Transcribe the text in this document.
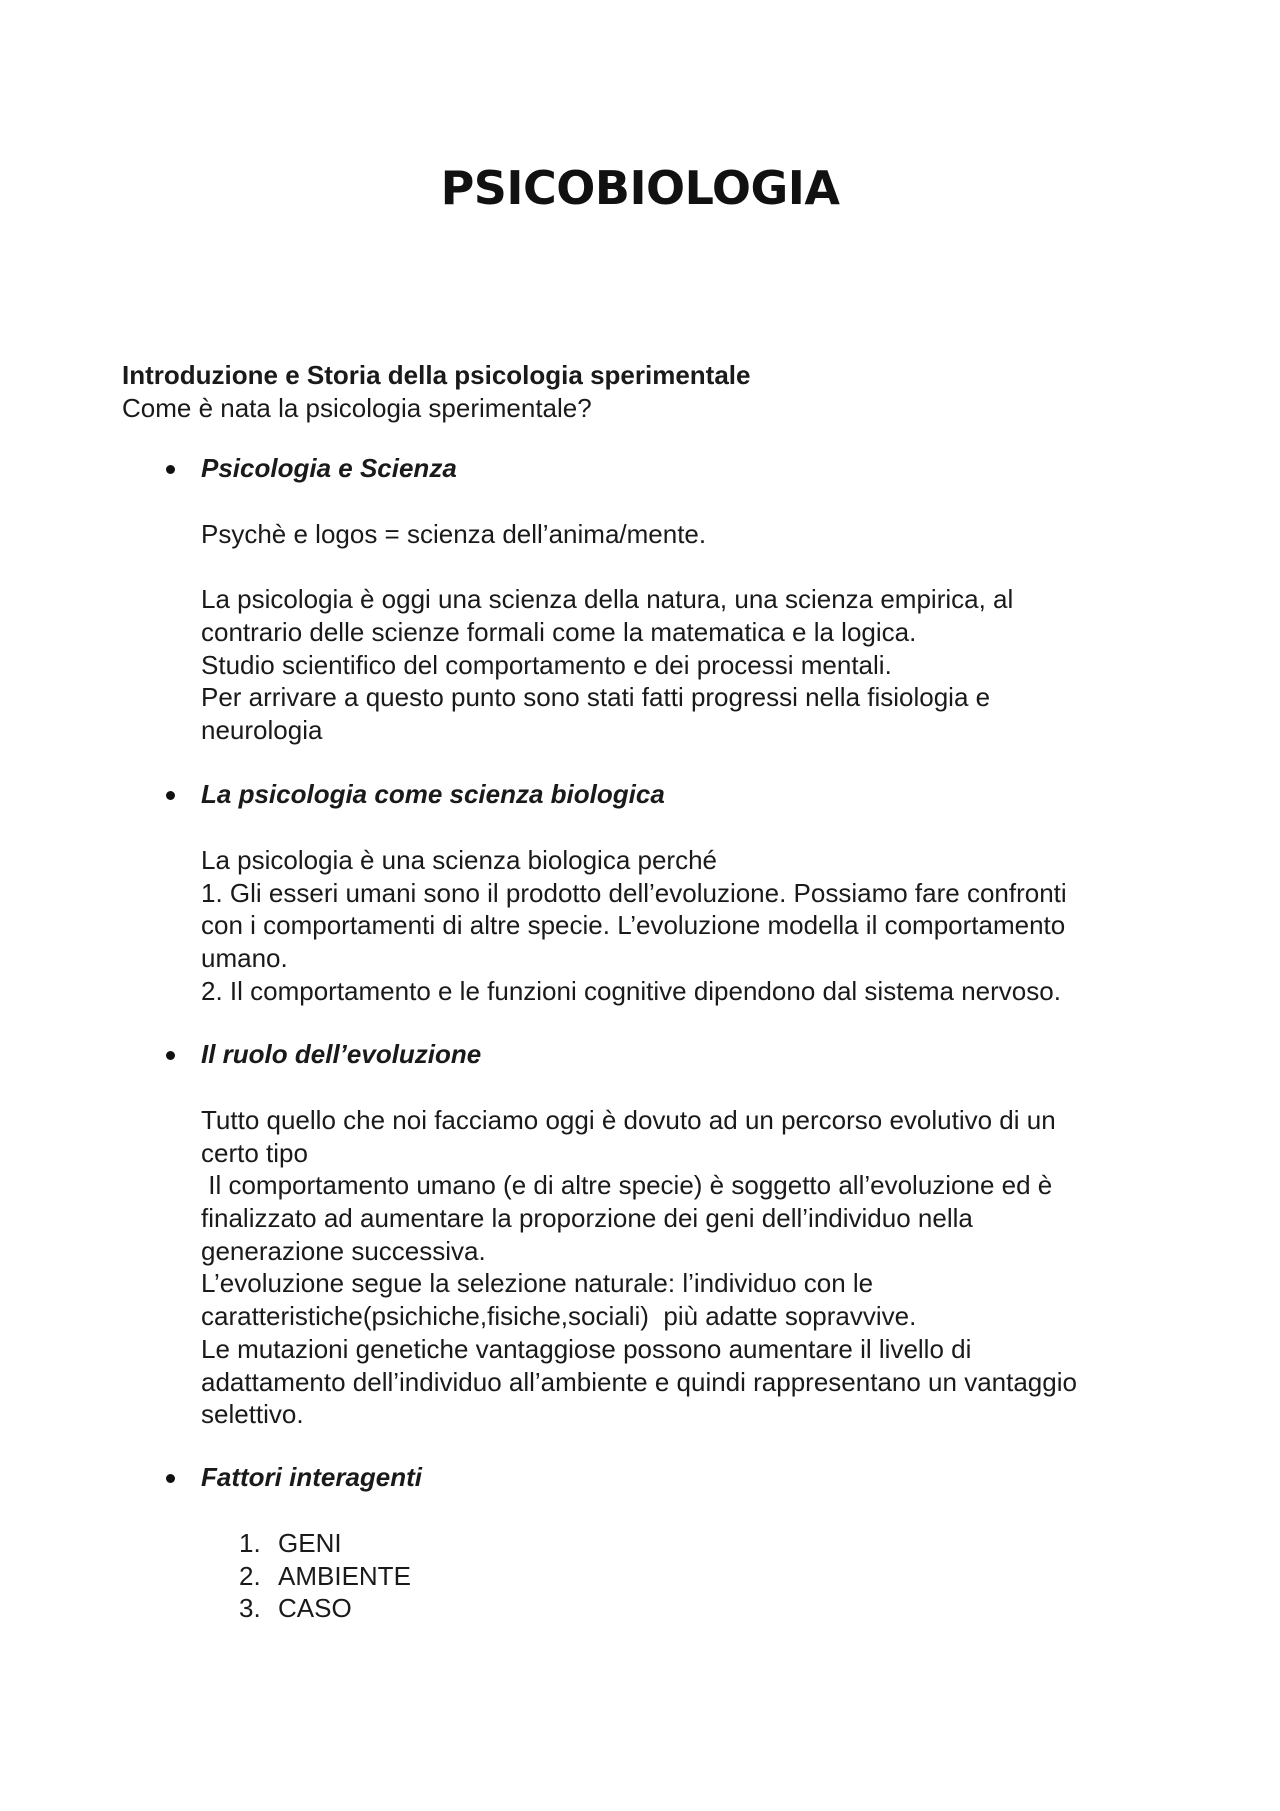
PSICOBIOLOGIA
Introduzione e Storia della psicologia sperimentale
Come è nata la psicologia sperimentale?
Psicologia e Scienza
Psychè e logos = scienza dell’anima/mente.
La psicologia è oggi una scienza della natura, una scienza empirica, al
contrario delle scienze formali come la matematica e la logica.
Studio scientifico del comportamento e dei processi mentali.
Per arrivare a questo punto sono stati fatti progressi nella fisiologia e
neurologia
La psicologia come scienza biologica
La psicologia è una scienza biologica perché
1. Gli esseri umani sono il prodotto dell’evoluzione. Possiamo fare confronti
con i comportamenti di altre specie. L’evoluzione modella il comportamento
umano.
2. Il comportamento e le funzioni cognitive dipendono dal sistema nervoso.
Il ruolo dell’evoluzione
Tutto quello che noi facciamo oggi è dovuto ad un percorso evolutivo di un
certo tipo
Il comportamento umano (e di altre specie) è soggetto all’evoluzione ed è
finalizzato ad aumentare la proporzione dei geni dell’individuo nella
generazione successiva.
L’evoluzione segue la selezione naturale: l’individuo con le
caratteristiche(psichiche,fisiche,sociali)  più adatte sopravvive.
Le mutazioni genetiche vantaggiose possono aumentare il livello di
adattamento dell’individuo all’ambiente e quindi rappresentano un vantaggio
selettivo.
Fattori interagenti
1. GENI
2. AMBIENTE
3. CASO
